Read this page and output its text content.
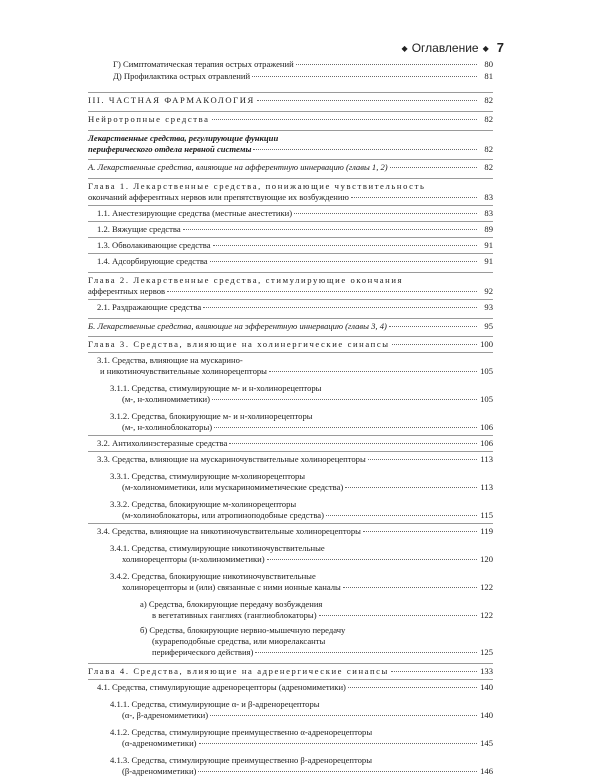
◆ Оглавление ◆ 7
Г) Симптоматическая терапия острых отражений	80
Д) Профилактика острых отравлений	81
III. ЧАСТНАЯ ФАРМАКОЛОГИЯ	82
Нейротропные средства	82
Лекарственные средства, регулирующие функции
периферического отдела нервной системы	82
А. Лекарственные средства, влияющие на афферентную иннервацию (главы 1, 2)	82
Глава 1. Лекарственные средства, понижающие чувствительность
окончаний афферентных нервов или препятствующие их возбуждению	83
1.1. Анестезирующие средства (местные анестетики)	83
1.2. Вяжущие средства	89
1.3. Обволакивающие средства	91
1.4. Адсорбирующие средства	91
Глава 2. Лекарственные средства, стимулирующие окончания
афферентных нервов	92
2.1. Раздражающие средства	93
Б. Лекарственные средства, влияющие на эфферентную иннервацию (главы 3, 4)	95
Глава 3. Средства, влияющие на холинергические синапсы	100
3.1. Средства, влияющие на мускарино-
и никотиночувствительные холинорецепторы	105
3.1.1. Средства, стимулирующие м- и н-холинорецепторы
(м-, н-холиномиметики)	105
3.1.2. Средства, блокирующие м- и н-холинорецепторы
(м-, н-холиноблокаторы)	106
3.2. Антихолинэстеразные средства	106
3.3. Средства, влияющие на мускариночувствительные холинорецепторы	113
3.3.1. Средства, стимулирующие м-холинорецепторы
(м-холиномиметики, или мускариномиметические средства)	113
3.3.2. Средства, блокирующие м-холинорецепторы
(м-холиноблокаторы, или атропиноподобные средства)	115
3.4. Средства, влияющие на никотиночувствительные холинорецепторы	119
3.4.1. Средства, стимулирующие никотиночувствительные
холинорецепторы (н-холиномиметики)	120
3.4.2. Средства, блокирующие никотиночувствительные
холинорецепторы и (или) связанные с ними ионные каналы	122
а) Средства, блокирующие передачу возбуждения
в вегетативных ганглиях (ганглиоблокаторы)	122
б) Средства, блокирующие нервно-мышечную передачу
(курареподобные средства, или миорелаксанты
периферического действия)	125
Глава 4. Средства, влияющие на адренергические синапсы	133
4.1. Средства, стимулирующие адренорецепторы (адреномиметики)	140
4.1.1. Средства, стимулирующие α- и β-адренорецепторы
(α-, β-адреномиметики)	140
4.1.2. Средства, стимулирующие преимущественно α-адренорецепторы
(α-адреномиметики)	145
4.1.3. Средства, стимулирующие преимущественно β-адренорецепторы
(β-адреномиметики)	146
